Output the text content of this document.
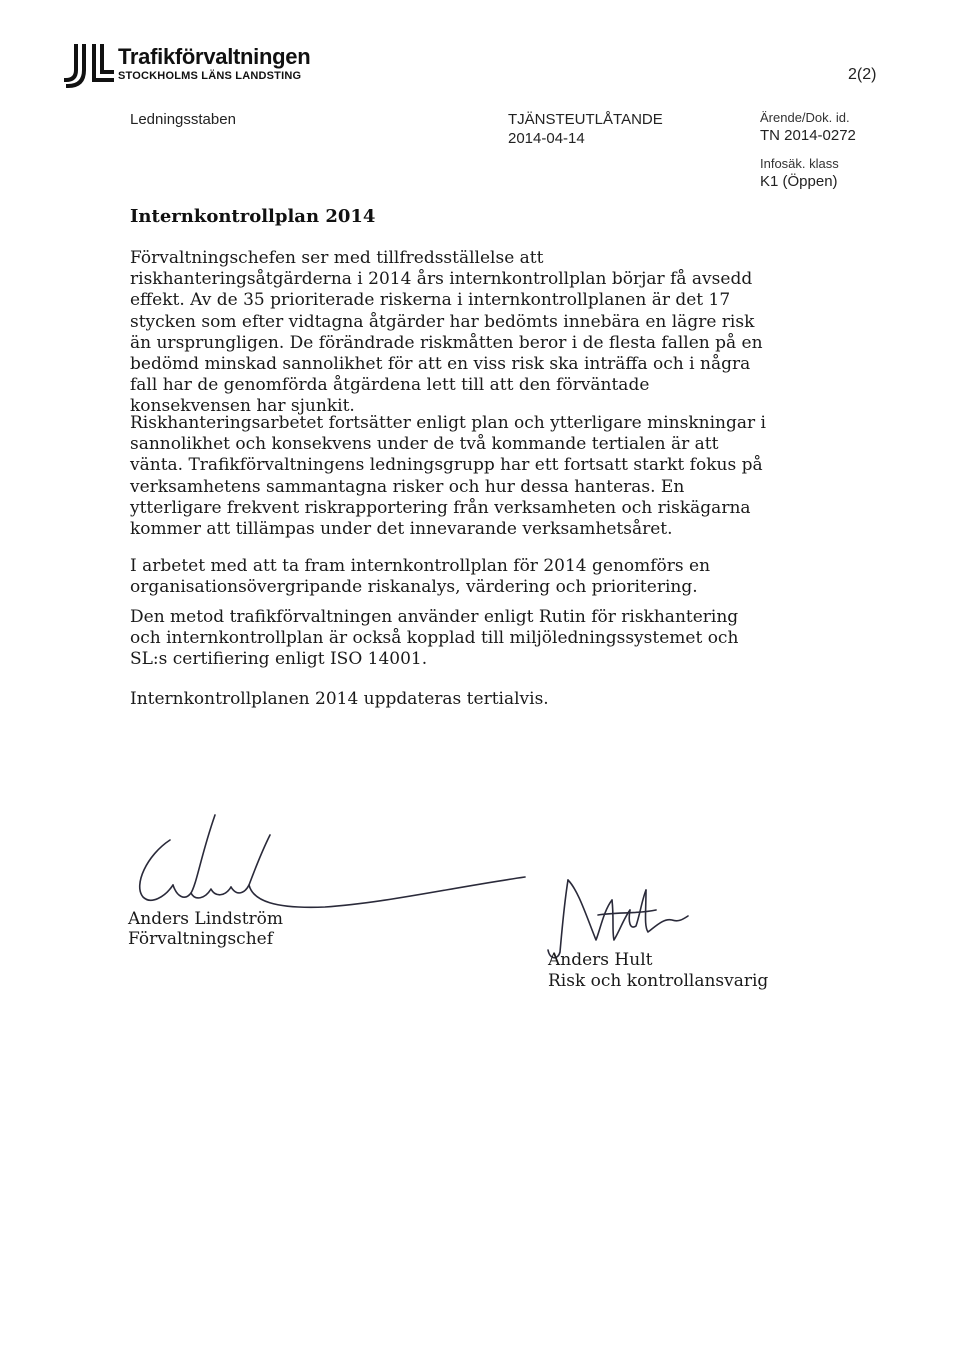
Trafikförvaltningen
STOCKHOLMS LÄNS LANDSTING	2(2)
Ledningsstaben	TJÄNSTEUTLÅTANDE
2014-04-14
Ärende/Dok. id.
TN 2014-0272
Infosäk. klass
K1 (Öppen)
Internkontrollplan 2014

Förvaltningschefen ser med tillfredsställelse att riskhanteringsåtgärderna i 2014 års internkontrollplan börjar få avsedd effekt. Av de 35 prioriterade riskerna i internkontrollplanen är det 17 stycken som efter vidtagna åtgärder har bedömts innebära en lägre risk än ursprungligen. De förändrade riskmåtten beror i de flesta fallen på en bedömd minskad sannolikhet för att en viss risk ska inträffa och i några fall har de genomförda åtgärdena lett till att den förväntade konsekvensen har sjunkit.

Riskhanteringsarbetet fortsätter enligt plan och ytterligare minskningar i sannolikhet och konsekvens under de två kommande tertialen är att vänta. Trafikförvaltningens ledningsgrupp har ett fortsatt starkt fokus på verksamhetens sammantagna risker och hur dessa hanteras. En ytterligare frekvent riskrapportering från verksamheten och riskägarna kommer att tillämpas under det innevarande verksamhetsåret.

I arbetet med att ta fram internkontrollplan för 2014 genomförs en organisationsövergripande riskanalys, värdering och prioritering.

Den metod trafikförvaltningen använder enligt Rutin för riskhantering och internkontrollplan är också kopplad till miljöledningssystemet och SL:s certifiering enligt ISO 14001.

Internkontrollplanen 2014 uppdateras tertialvis.

Anders Lindström
Förvaltningschef
Anders Hult
Risk och kontrollansvarig
